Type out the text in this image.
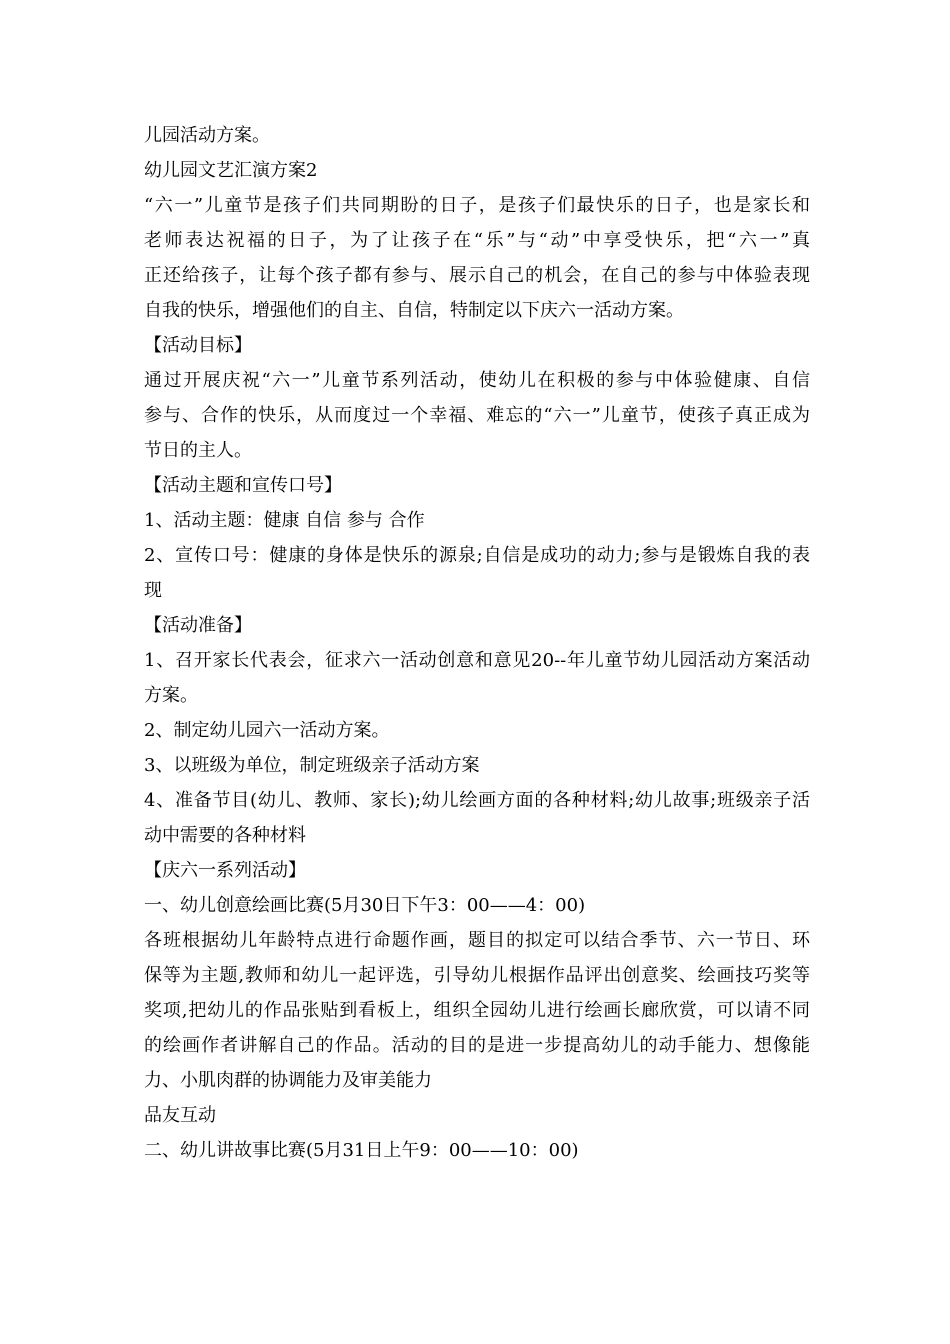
儿园活动方案。
幼儿园文艺汇演方案2
“六一”儿童节是孩子们共同期盼的日子，是孩子们最快乐的日子，也是家长和
老师表达祝福的日子，为了让孩子在“乐”与“动”中享受快乐，把“六一”真
正还给孩子，让每个孩子都有参与、展示自己的机会，在自己的参与中体验表现
自我的快乐，增强他们的自主、自信，特制定以下庆六一活动方案。
【活动目标】
通过开展庆祝“六一”儿童节系列活动，使幼儿在积极的参与中体验健康、自信
参与、合作的快乐，从而度过一个幸福、难忘的“六一”儿童节，使孩子真正成为
节日的主人。
【活动主题和宣传口号】
1、活动主题：健康 自信 参与 合作
2、宣传口号：健康的身体是快乐的源泉;自信是成功的动力;参与是锻炼自我的表
现
【活动准备】
1、召开家长代表会，征求六一活动创意和意见20--年儿童节幼儿园活动方案活动
方案。
2、制定幼儿园六一活动方案。
3、以班级为单位，制定班级亲子活动方案
4、准备节目(幼儿、教师、家长);幼儿绘画方面的各种材料;幼儿故事;班级亲子活
动中需要的各种材料
【庆六一系列活动】
一、幼儿创意绘画比赛(5月30日下午3：00——4：00)
各班根据幼儿年龄特点进行命题作画，题目的拟定可以结合季节、六一节日、环
保等为主题,教师和幼儿一起评选，引导幼儿根据作品评出创意奖、绘画技巧奖等
奖项,把幼儿的作品张贴到看板上，组织全园幼儿进行绘画长廊欣赏，可以请不同
的绘画作者讲解自己的作品。活动的目的是进一步提高幼儿的动手能力、想像能
力、小肌肉群的协调能力及审美能力
品友互动
二、幼儿讲故事比赛(5月31日上午9：00——10：00)
